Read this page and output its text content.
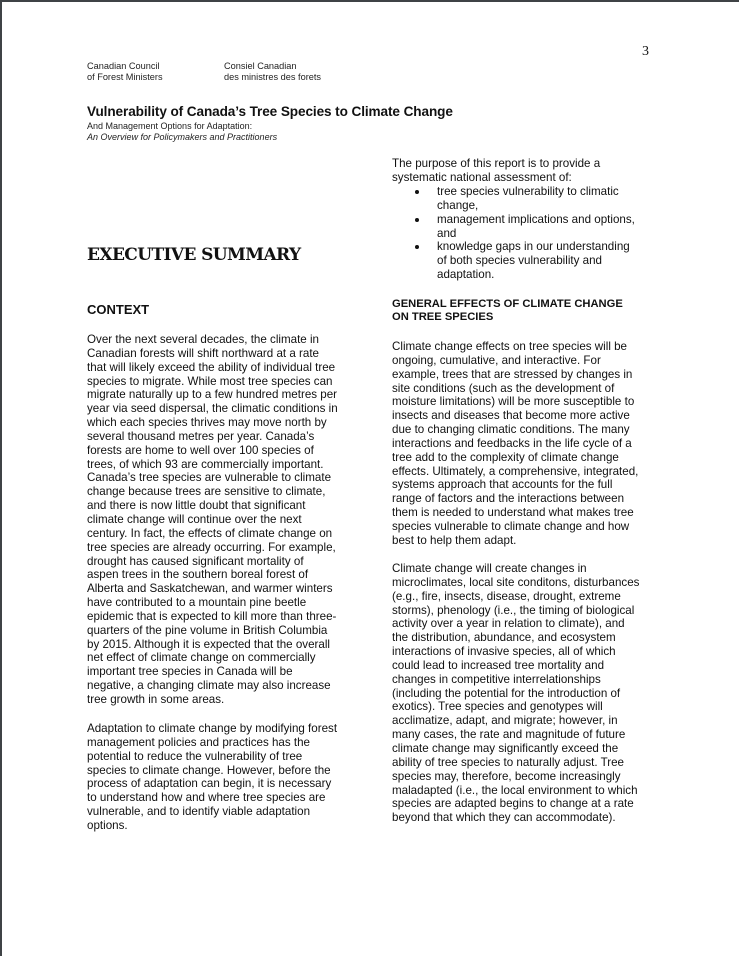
3
Canadian Council
of Forest Ministers
Consiel Canadian
des ministres des forets
Vulnerability of Canada’s Tree Species to Climate Change
And Management Options for Adaptation:
An Overview for Policymakers and Practitioners

The purpose of this report is to provide a
systematic national assessment of:

tree species vulnerability to climatic
change,
management implications and options,
and
knowledge gaps in our understanding
of both species vulnerability and
adaptation.
EXECUTIVE SUMMARY
CONTEXT

Over the next several decades, the climate in
Canadian forests will shift northward at a rate
that will likely exceed the ability of individual tree
species to migrate. While most tree species can
migrate naturally up to a few hundred metres per
year via seed dispersal, the climatic conditions in
which each species thrives may move north by
several thousand metres per year. Canada’s
forests are home to well over 100 species of
trees, of which 93 are commercially important.
Canada’s tree species are vulnerable to climate
change because trees are sensitive to climate,
and there is now little doubt that significant
climate change will continue over the next
century. In fact, the effects of climate change on
tree species are already occurring. For example,
drought has caused significant mortality of
aspen trees in the southern boreal forest of
Alberta and Saskatchewan, and warmer winters
have contributed to a mountain pine beetle
epidemic that is expected to kill more than three-
quarters of the pine volume in British Columbia
by 2015. Although it is expected that the overall
net effect of climate change on commercially
important tree species in Canada will be
negative, a changing climate may also increase
tree growth in some areas.

Adaptation to climate change by modifying forest
management policies and practices has the
potential to reduce the vulnerability of tree
species to climate change. However, before the
process of adaptation can begin, it is necessary
to understand how and where tree species are
vulnerable, and to identify viable adaptation
options.

GENERAL EFFECTS OF CLIMATE CHANGE
ON TREE SPECIES

Climate change effects on tree species will be
ongoing, cumulative, and interactive. For
example, trees that are stressed by changes in
site conditions (such as the development of
moisture limitations) will be more susceptible to
insects and diseases that become more active
due to changing climatic conditions. The many
interactions and feedbacks in the life cycle of a
tree add to the complexity of climate change
effects. Ultimately, a comprehensive, integrated,
systems approach that accounts for the full
range of factors and the interactions between
them is needed to understand what makes tree
species vulnerable to climate change and how
best to help them adapt.

Climate change will create changes in
microclimates, local site conditons, disturbances
(e.g., fire, insects, disease, drought, extreme
storms), phenology (i.e., the timing of biological
activity over a year in relation to climate), and
the distribution, abundance, and ecosystem
interactions of invasive species, all of which
could lead to increased tree mortality and
changes in competitive interrelationships
(including the potential for the introduction of
exotics). Tree species and genotypes will
acclimatize, adapt, and migrate; however, in
many cases, the rate and magnitude of future
climate change may significantly exceed the
ability of tree species to naturally adjust. Tree
species may, therefore, become increasingly
maladapted (i.e., the local environment to which
species are adapted begins to change at a rate
beyond that which they can accommodate).
